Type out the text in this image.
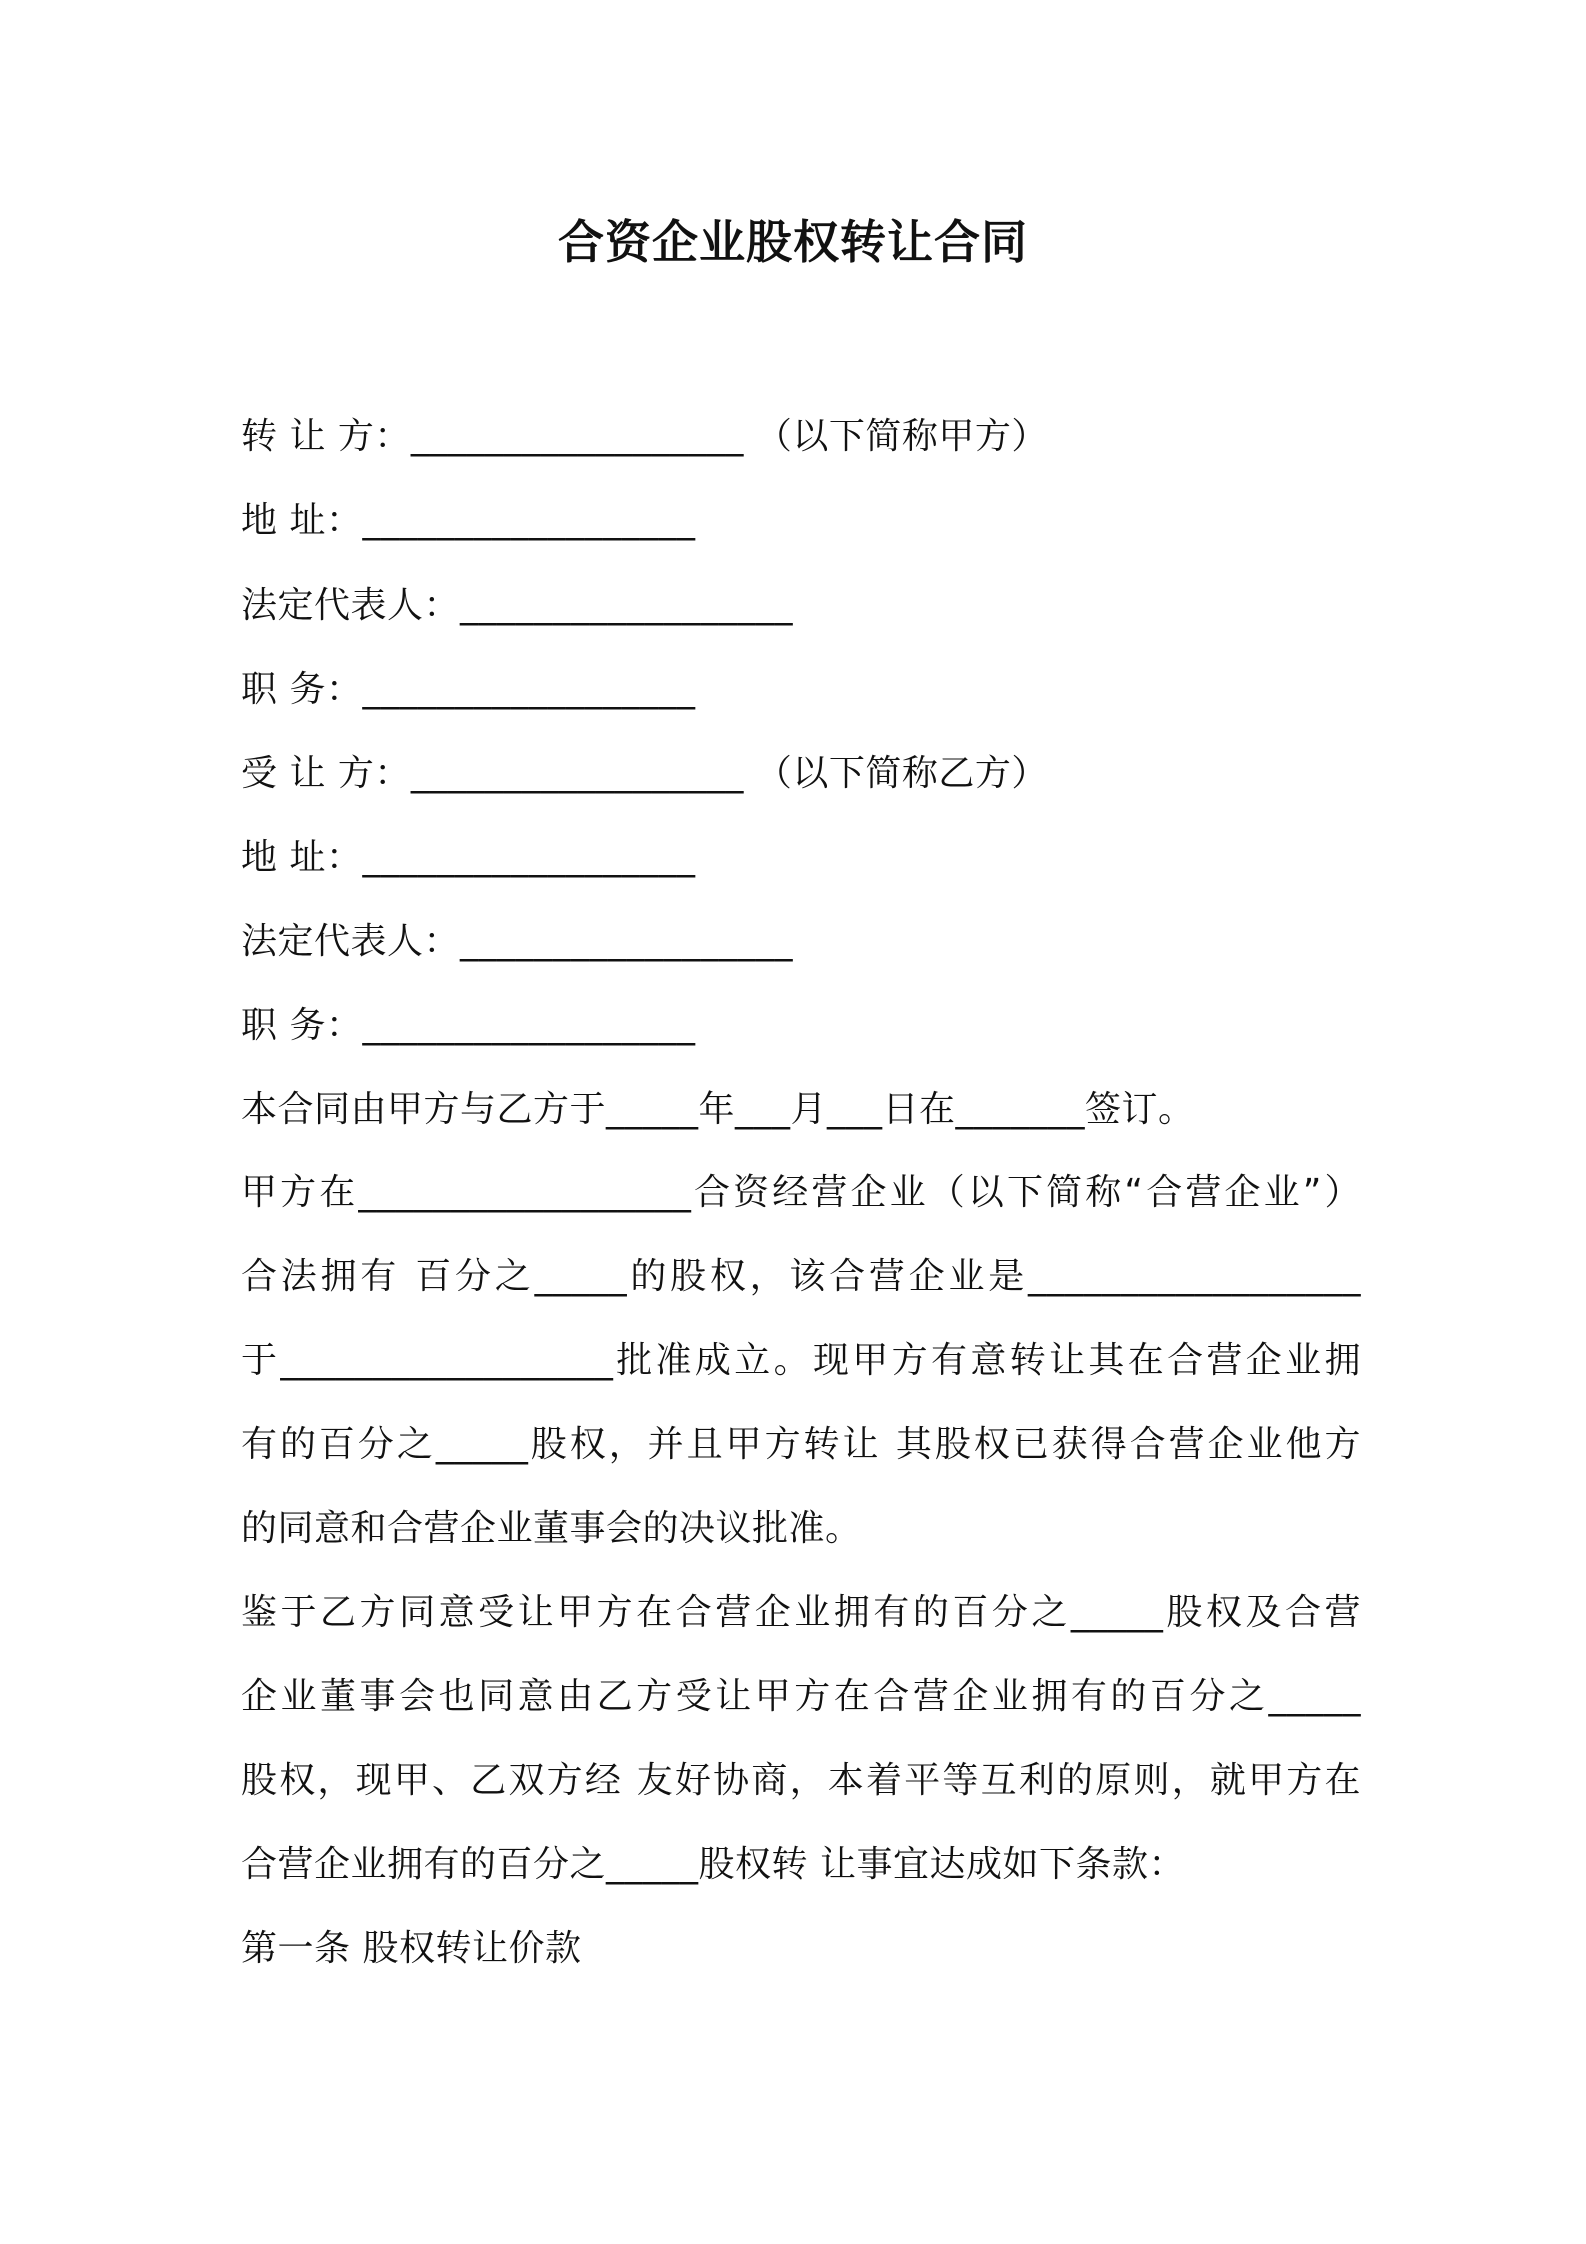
合资企业股权转让合同
转 让 方：__________________ （以下简称甲方）
地 址：__________________
法定代表人：__________________
职 务：__________________
受 让 方：__________________ （以下简称乙方）
地 址：__________________
法定代表人：__________________
职 务：__________________
本合同由甲方与乙方于_____年___月___日在_______签订。
甲方在__________________合资经营企业（以下简称“合营企业”）
合法拥有 百分之_____的股权，该合营企业是__________________
于__________________批准成立。现甲方有意转让其在合营企业拥
有的百分之_____股权，并且甲方转让 其股权已获得合营企业他方
的同意和合营企业董事会的决议批准。
鉴于乙方同意受让甲方在合营企业拥有的百分之_____股权及合营
企业董事会也同意由乙方受让甲方在合营企业拥有的百分之_____
股权，现甲、乙双方经 友好协商，本着平等互利的原则，就甲方在
合营企业拥有的百分之_____股权转 让事宜达成如下条款：
第一条 股权转让价款
